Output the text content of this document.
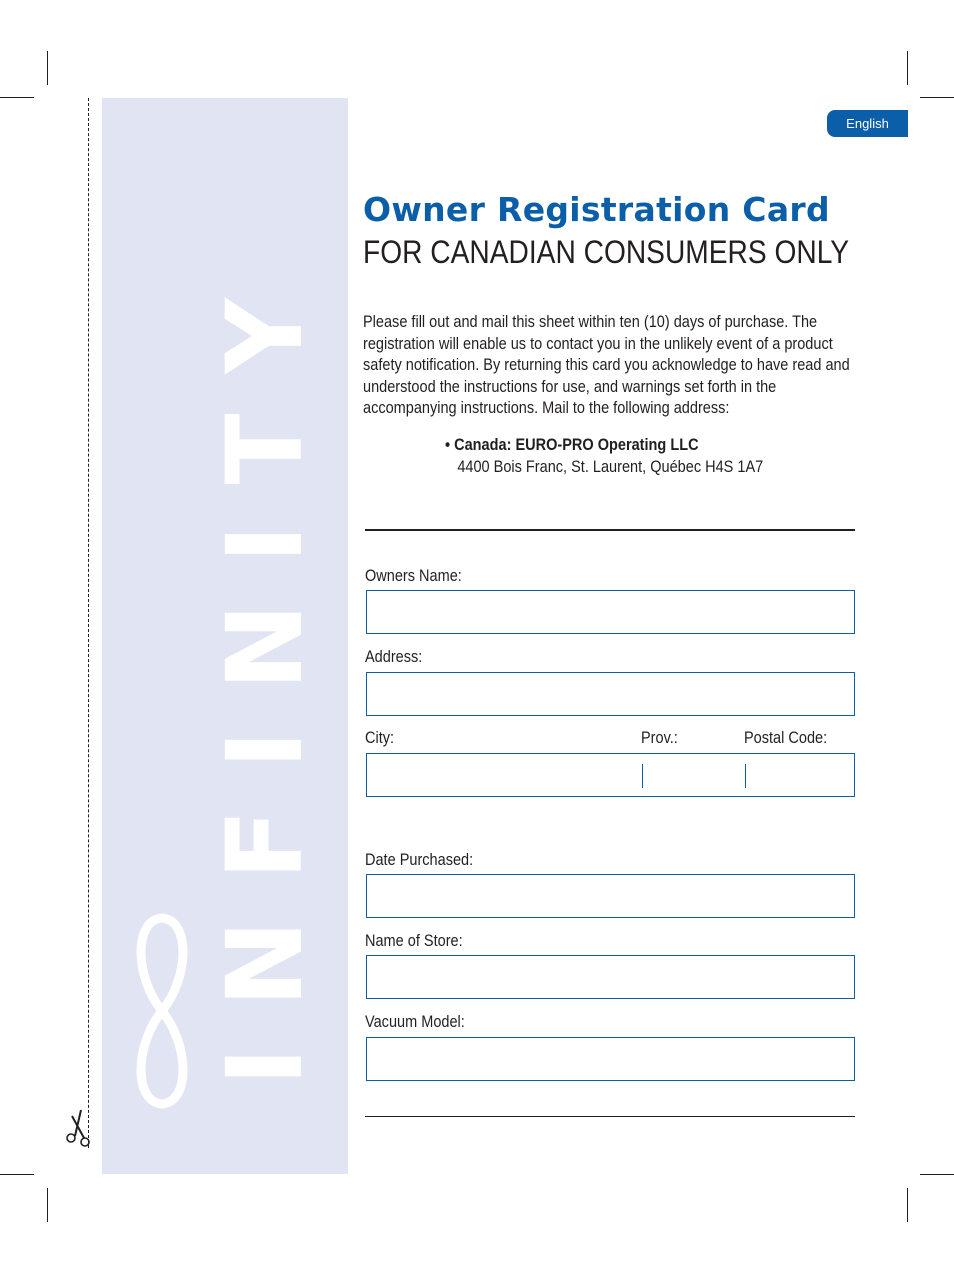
INFINITY
English
Owner Registration Card
FOR CANADIAN CONSUMERS ONLY

Please fill out and mail this sheet within ten (10) days of purchase. The registration will enable us to contact you in the unlikely event of a product safety notification. By returning this card you acknowledge to have read and understood the instructions for use, and warnings set forth in the accompanying instructions. Mail to the following address:

• Canada: EURO-PRO Operating LLC
4400 Bois Franc, St. Laurent, Québec H4S 1A7
Owners Name:
Address:
City:	Prov.:	Postal Code:
Date Purchased:
Name of Store:
Vacuum Model:
